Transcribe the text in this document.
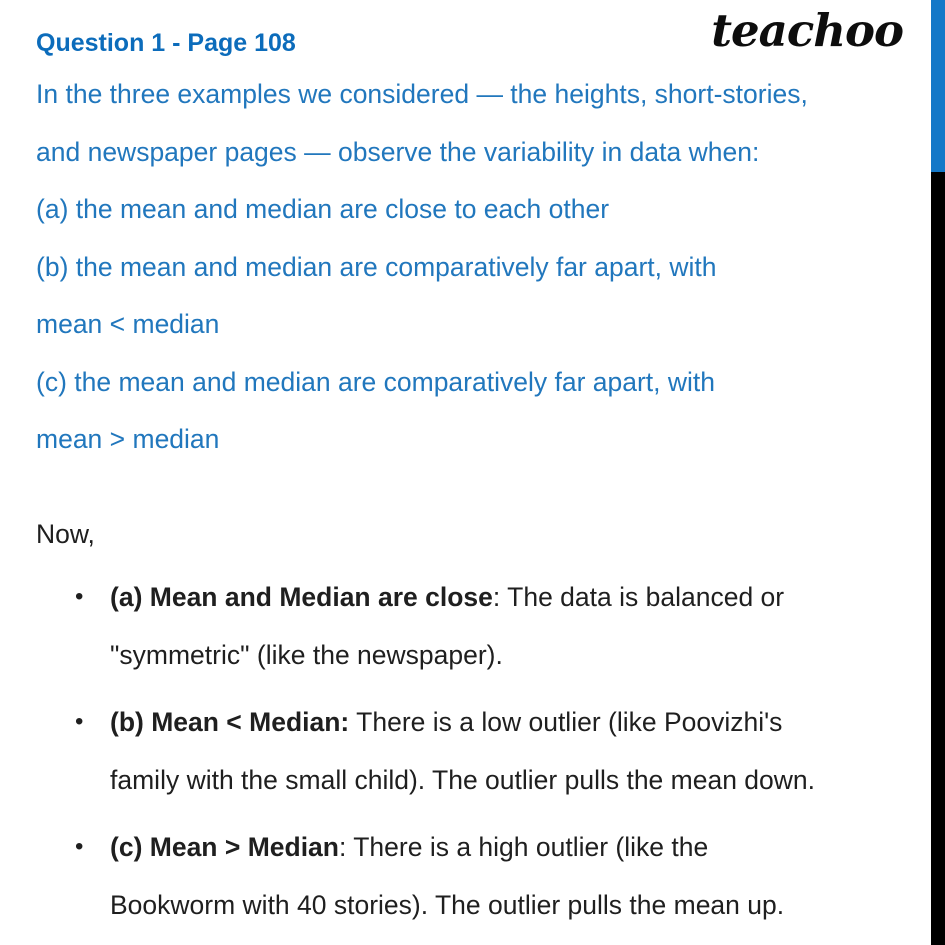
teachoo
Question 1 - Page 108
In the three examples we considered — the heights, short-stories,
and newspaper pages — observe the variability in data when:
(a) the mean and median are close to each other
(b) the mean and median are comparatively far apart, with
mean < median
(c) the mean and median are comparatively far apart, with
mean > median
Now,
•	(a) Mean and Median are close: The data is balanced or
"symmetric" (like the newspaper).
•	(b) Mean < Median: There is a low outlier (like Poovizhi's
family with the small child). The outlier pulls the mean down.
•	(c) Mean > Median: There is a high outlier (like the
Bookworm with 40 stories). The outlier pulls the mean up.
